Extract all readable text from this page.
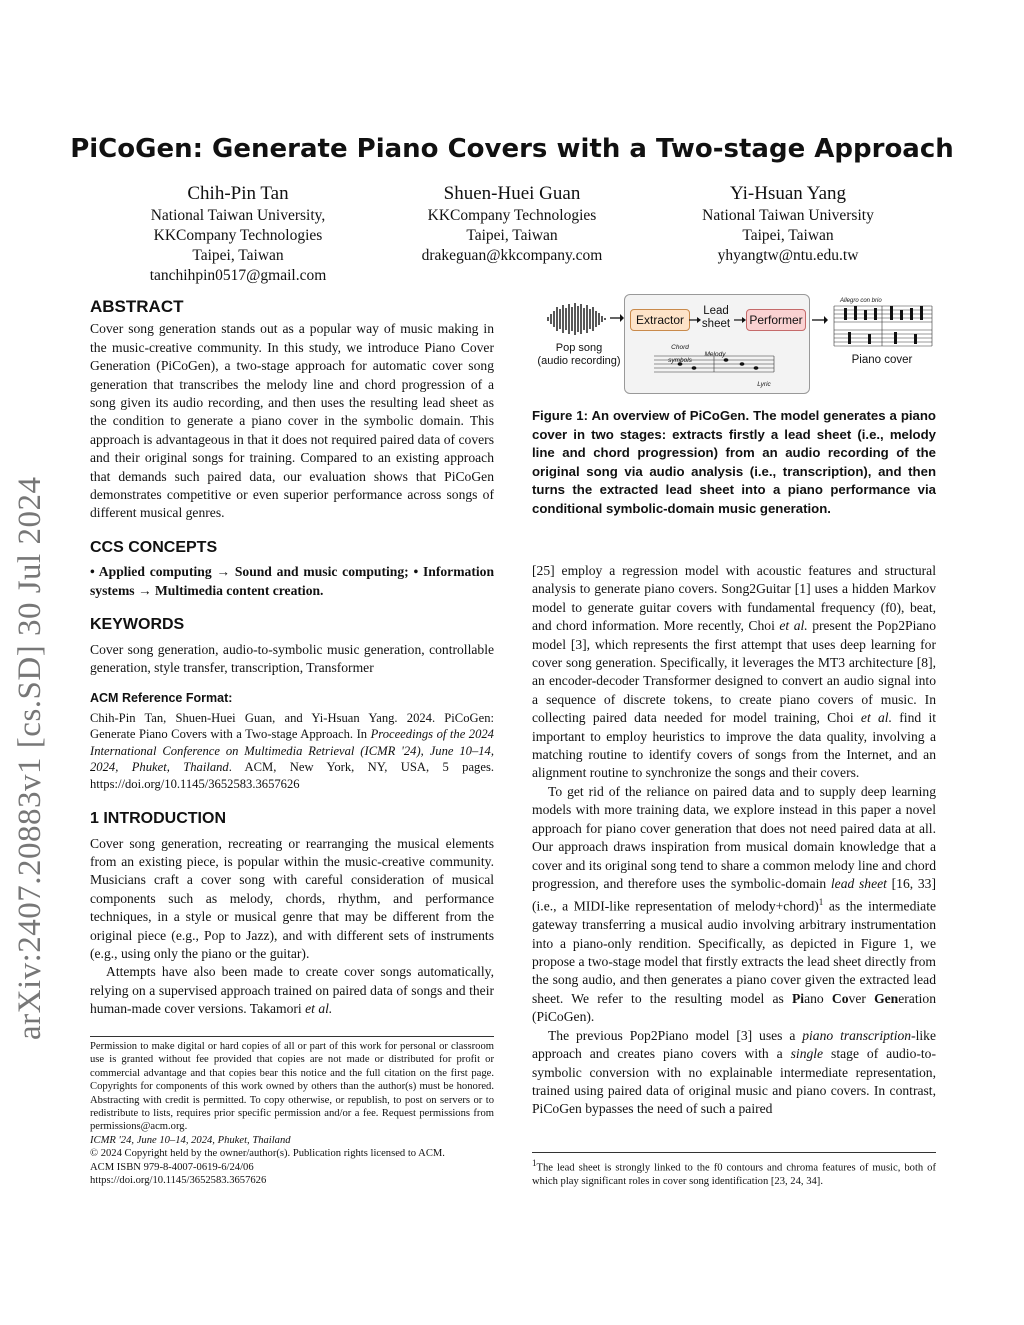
arXiv:2407.20883v1 [cs.SD] 30 Jul 2024
PiCoGen: Generate Piano Covers with a Two-stage Approach
Chih-Pin Tan
National Taiwan University,
KKCompany Technologies
Taipei, Taiwan
tanchihpin0517@gmail.com
Shuen-Huei Guan
KKCompany Technologies
Taipei, Taiwan
drakeguan@kkcompany.com
Yi-Hsuan Yang
National Taiwan University
Taipei, Taiwan
yhyangtw@ntu.edu.tw
ABSTRACT

Cover song generation stands out as a popular way of music making in the music-creative community. In this study, we introduce Piano Cover Generation (PiCoGen), a two-stage approach for automatic cover song generation that transcribes the melody line and chord progression of a song given its audio recording, and then uses the resulting lead sheet as the condition to generate a piano cover in the symbolic domain. This approach is advantageous in that it does not required paired data of covers and their original songs for training. Compared to an existing approach that demands such paired data, our evaluation shows that PiCoGen demonstrates competitive or even superior performance across songs of different musical genres.

CCS CONCEPTS

• Applied computing → Sound and music computing; • Information systems → Multimedia content creation.

KEYWORDS

Cover song generation, audio-to-symbolic music generation, controllable generation, style transfer, transcription, Transformer

ACM Reference Format:
Chih-Pin Tan, Shuen-Huei Guan, and Yi-Hsuan Yang. 2024. PiCoGen: Generate Piano Covers with a Two-stage Approach. In Proceedings of the 2024 International Conference on Multimedia Retrieval (ICMR '24), June 10–14, 2024, Phuket, Thailand. ACM, New York, NY, USA, 5 pages. https://doi.org/10.1145/3652583.3657626
1 INTRODUCTION

Cover song generation, recreating or rearranging the musical elements from an existing piece, is popular within the music-creative community. Musicians craft a cover song with careful consideration of musical components such as melody, chords, rhythm, and performance techniques, in a style or musical genre that may be different from the original piece (e.g., Pop to Jazz), and with different sets of instruments (e.g., using only the piano or the guitar).

Attempts have also been made to create cover songs automatically, relying on a supervised approach trained on paired data of songs and their human-made cover versions. Takamori et al.

Permission to make digital or hard copies of all or part of this work for personal or classroom use is granted without fee provided that copies are not made or distributed for profit or commercial advantage and that copies bear this notice and the full citation on the first page. Copyrights for components of this work owned by others than the author(s) must be honored. Abstracting with credit is permitted. To copy otherwise, or republish, to post on servers or to redistribute to lists, requires prior specific permission and/or a fee. Request permissions from permissions@acm.org.
ICMR '24, June 10–14, 2024, Phuket, Thailand
© 2024 Copyright held by the owner/author(s). Publication rights licensed to ACM.
ACM ISBN 979-8-4007-0619-6/24/06
https://doi.org/10.1145/3652583.3657626
Pop song
(audio recording)
Extractor
Lead
sheet	Performer
Chord symbols
Melody
Lyric
Allegro con brio
Piano cover
Figure 1: An overview of PiCoGen. The model generates a piano cover in two stages: extracts firstly a lead sheet (i.e., melody line and chord progression) from an audio recording of the original song via audio analysis (i.e., transcription), and then turns the extracted lead sheet into a piano performance via conditional symbolic-domain music generation.

[25] employ a regression model with acoustic features and structural analysis to generate piano covers. Song2Guitar [1] uses a hidden Markov model to generate guitar covers with fundamental frequency (f0), beat, and chord information. More recently, Choi et al. present the Pop2Piano model [3], which represents the first attempt that uses deep learning for cover song generation. Specifically, it leverages the MT3 architecture [8], an encoder-decoder Transformer designed to convert an audio signal into a sequence of discrete tokens, to create piano covers of music. In collecting paired data needed for model training, Choi et al. find it important to employ heuristics to improve the data quality, involving a matching routine to identify covers of songs from the Internet, and an alignment routine to synchronize the songs and their covers.

To get rid of the reliance on paired data and to supply deep learning models with more training data, we explore instead in this paper a novel approach for piano cover generation that does not need paired data at all. Our approach draws inspiration from musical domain knowledge that a cover and its original song tend to share a common melody line and chord progression, and therefore uses the symbolic-domain lead sheet [16, 33] (i.e., a MIDI-like representation of melody+chord)$^1$ as the intermediate gateway transferring a musical audio involving arbitrary instrumentation into a piano-only rendition. Specifically, as depicted in Figure 1, we propose a two-stage model that firstly extracts the lead sheet directly from the song audio, and then generates a piano cover given the extracted lead sheet. We refer to the resulting model as Piano Cover Generation (PiCoGen).

The previous Pop2Piano model [3] uses a piano transcription-like approach and creates piano covers with a single stage of audio-to-symbolic conversion with no explainable intermediate representation, trained using paired data of original music and piano covers. In contrast, PiCoGen bypasses the need of such a paired

$^1$The lead sheet is strongly linked to the f0 contours and chroma features of music, both of which play significant roles in cover song identification [23, 24, 34].
